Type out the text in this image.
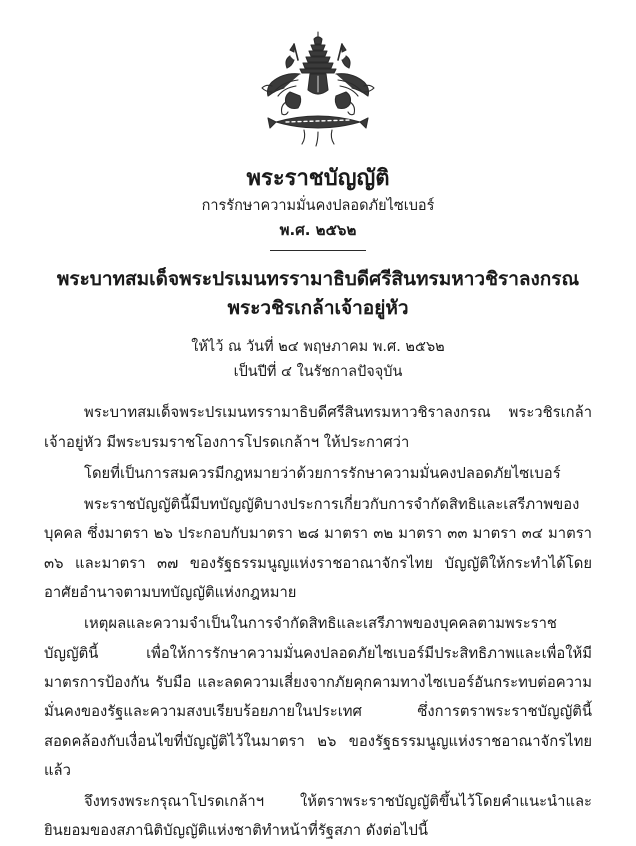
พระราชบัญญัติ
การรักษาความมั่นคงปลอดภัยไซเบอร์
พ.ศ. ๒๕๖๒
พระบาทสมเด็จพระปรเมนทรรามาธิบดีศรีสินทรมหาวชิราลงกรณ
พระวชิรเกล้าเจ้าอยู่หัว
ให้ไว้ ณ วันที่ ๒๔ พฤษภาคม พ.ศ. ๒๕๖๒
เป็นปีที่ ๔ ในรัชกาลปัจจุบัน

พระบาทสมเด็จพระปรเมนทรรามาธิบดีศรีสินทรมหาวชิราลงกรณ พระวชิรเกล้าเจ้าอยู่หัว มีพระบรมราชโองการโปรดเกล้าฯ ให้ประกาศว่า

โดยที่เป็นการสมควรมีกฎหมายว่าด้วยการรักษาความมั่นคงปลอดภัยไซเบอร์

พระราชบัญญัตินี้มีบทบัญญัติบางประการเกี่ยวกับการจำกัดสิทธิและเสรีภาพของบุคคล ซึ่งมาตรา ๒๖ ประกอบกับมาตรา ๒๘ มาตรา ๓๒ มาตรา ๓๓ มาตรา ๓๔ มาตรา ๓๖ และมาตรา ๓๗ ของรัฐธรรมนูญแห่งราชอาณาจักรไทย บัญญัติให้กระทำได้โดยอาศัยอำนาจตามบทบัญญัติแห่งกฎหมาย

เหตุผลและความจำเป็นในการจำกัดสิทธิและเสรีภาพของบุคคลตามพระราชบัญญัตินี้ เพื่อให้การรักษาความมั่นคงปลอดภัยไซเบอร์มีประสิทธิภาพและเพื่อให้มีมาตรการป้องกัน รับมือ และลดความเสี่ยงจากภัยคุกคามทางไซเบอร์อันกระทบต่อความมั่นคงของรัฐและความสงบเรียบร้อยภายในประเทศ ซึ่งการตราพระราชบัญญัตินี้สอดคล้องกับเงื่อนไขที่บัญญัติไว้ในมาตรา ๒๖ ของรัฐธรรมนูญแห่งราชอาณาจักรไทยแล้ว

จึงทรงพระกรุณาโปรดเกล้าฯ ให้ตราพระราชบัญญัติขึ้นไว้โดยคำแนะนำและยินยอมของสภานิติบัญญัติแห่งชาติทำหน้าที่รัฐสภา ดังต่อไปนี้
